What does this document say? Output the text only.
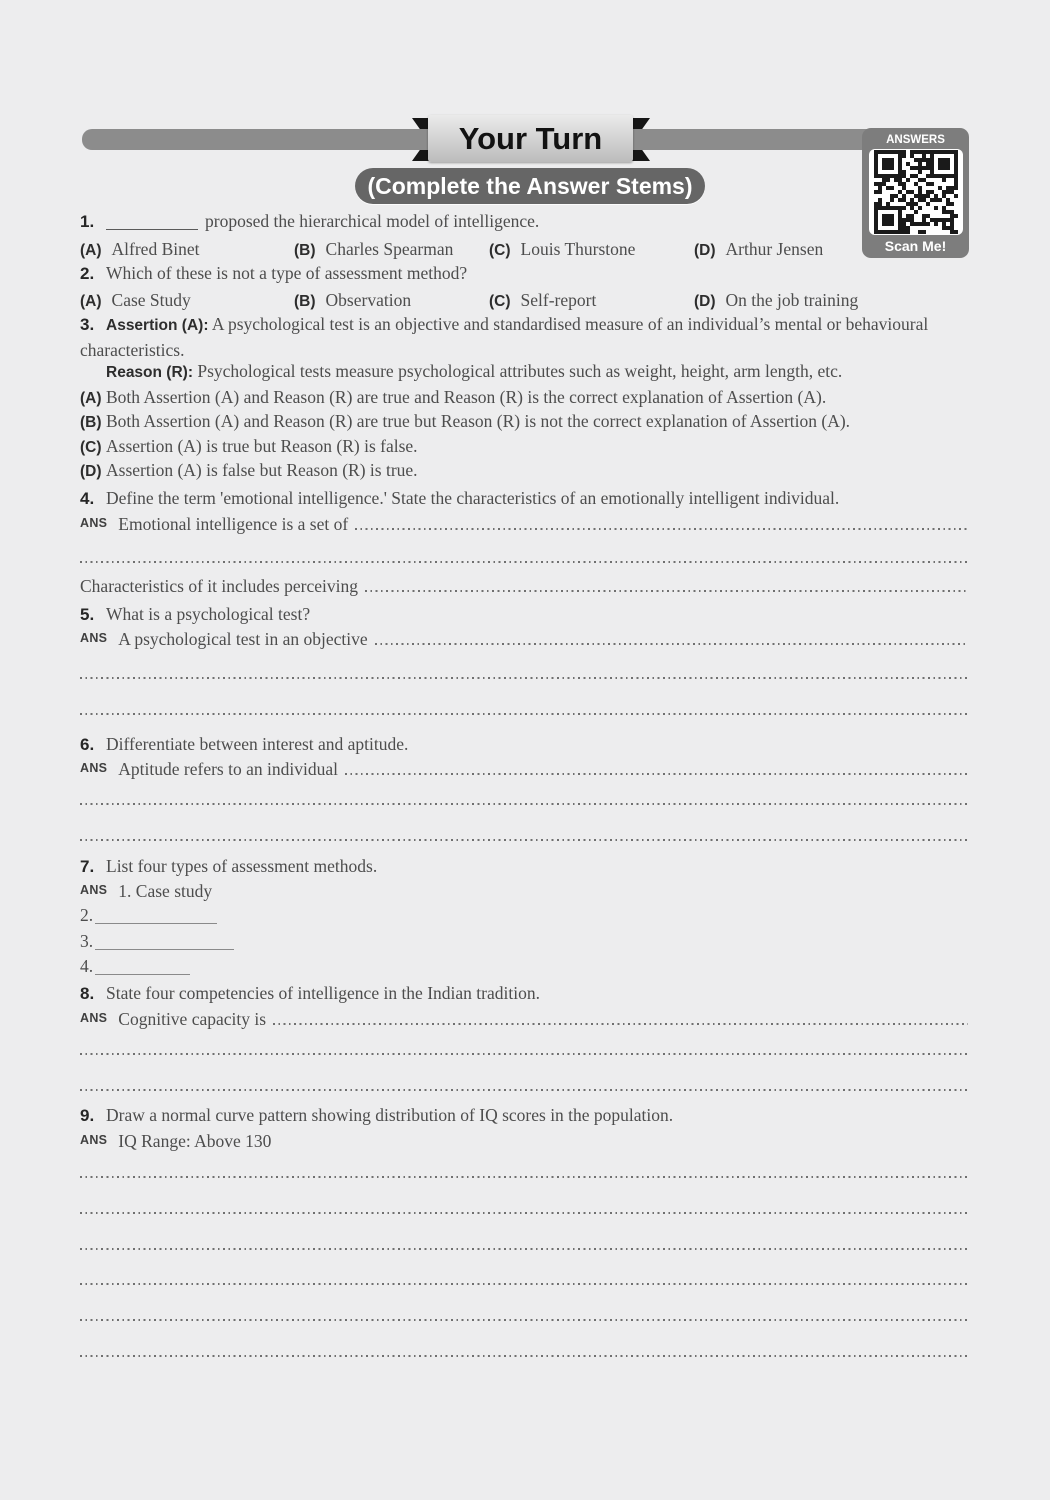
Your Turn
(Complete the Answer Stems)
ANSWERS
Scan Me!
1.	proposed the hierarchical model of intelligence.
(A) Alfred Binet	(B) Charles Spearman (C) Louis Thurstone	(D) Arthur Jensen
2. Which of these is not a type of assessment method?
(A) Case Study	(B) Observation	(C) Self-report	(D) On the job training
3. Assertion (A): A psychological test is an objective and standardised measure of an individual’s mental or behavioural characteristics.
Reason (R): Psychological tests measure psychological attributes such as weight, height, arm length, etc.
(A) Both Assertion (A) and Reason (R) are true and Reason (R) is the correct explanation of Assertion (A).
(B) Both Assertion (A) and Reason (R) are true but Reason (R) is not the correct explanation of Assertion (A).
(C) Assertion (A) is true but Reason (R) is false.
(D) Assertion (A) is false but Reason (R) is true.
4. Define the term 'emotional intelligence.' State the characteristics of an emotionally intelligent individual.
ANS Emotional intelligence is a set of
Characteristics of it includes perceiving
5. What is a psychological test?
ANS A psychological test in an objective
6. Differentiate between interest and aptitude.
ANS Aptitude refers to an individual
7. List four types of assessment methods.
ANS 1. Case study
2.
3.
4.
8. State four competencies of intelligence in the Indian tradition.
ANS Cognitive capacity is
9. Draw a normal curve pattern showing distribution of IQ scores in the population.
ANS IQ Range: Above 130
